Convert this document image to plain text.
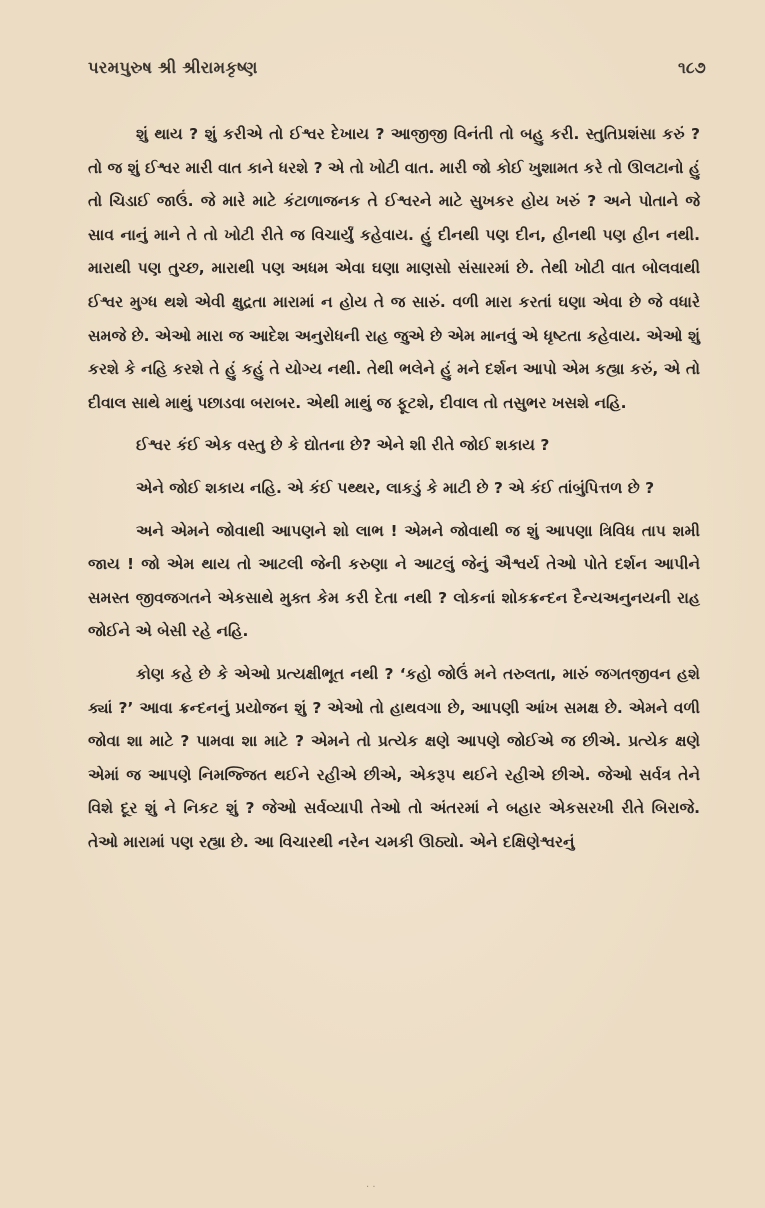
પરમપુરુષ શ્રી શ્રીરામકૃષ્ણ	૧૮૭

શું થાય ? શું કરીએ તો ઈશ્વર દેખાય ? આજીજી વિનંતી તો બહુ કરી. સ્તુતિપ્રશંસા કરું ? તો જ શું ઈશ્વર મારી વાત કાને ધરશે ? એ તો ખોટી વાત. મારી જો કોઈ ખુશામત કરે તો ઊલટાનો હું તો ચિડાઈ જાઉં. જે મારે માટે કંટાળાજનક તે ઈશ્વરને માટે સુખકર હોય ખરું ? અને પોતાને જે સાવ નાનું માને તે તો ખોટી રીતે જ વિચાર્યું કહેવાય. હું દીનથી પણ દીન, હીનથી પણ હીન નથી. મારાથી પણ તુચ્છ, મારાથી પણ અધમ એવા ઘણા માણસો સંસારમાં છે. તેથી ખોટી વાત બોલવાથી ઈશ્વર મુગ્ધ થશે એવી ક્ષુદ્રતા મારામાં ન હોય તે જ સારું. વળી મારા કરતાં ઘણા એવા છે જે વધારે સમજે છે. એઓ મારા જ આદેશ અનુરોધની રાહ જુએ છે એમ માનવું એ ધૃષ્ટતા કહેવાય. એઓ શું કરશે કે નહિ કરશે તે હું કહું તે યોગ્ય નથી. તેથી ભલેને હું મને દર્શન આપો એમ કહ્યા કરું, એ તો દીવાલ સાથે માથું પછાડવા બરાબર. એથી માથું જ ફૂટશે, દીવાલ તો તસુભર ખસશે નહિ.

ઈશ્વર કંઈ એક વસ્તુ છે કે દ્યોતના છે? એને શી રીતે જોઈ શકાય ?

એને જોઈ શકાય નહિ. એ કંઈ પથ્થર, લાકડું કે માટી છે ? એ કંઈ તાંબુંપિત્તળ છે ?

અને એમને જોવાથી આપણને શો લાભ ! એમને જોવાથી જ શું આપણા ત્રિવિધ તાપ શમી જાય ! જો એમ થાય તો આટલી જેની કરુણા ને આટલું જેનું ઐશ્વર્ય તેઓ પોતે દર્શન આપીને સમસ્ત જીવજગતને એકસાથે મુક્ત કેમ કરી દેતા નથી ? લોકનાં શોકક્રન્દન દૈન્યઅનુનયની રાહ જોઈને એ બેસી રહે નહિ.

કોણ કહે છે કે એઓ પ્રત્યક્ષીભૂત નથી ? ‘કહો જોઉં મને તરુલતા, મારું જગતજીવન હશે ક્યાં ?’ આવા ક્રન્દનનું પ્રયોજન શું ? એઓ તો હાથવગા છે, આપણી આંખ સમક્ષ છે. એમને વળી જોવા શા માટે ? પામવા શા માટે ? એમને તો પ્રત્યેક ક્ષણે આપણે જોઈએ જ છીએ. પ્રત્યેક ક્ષણે એમાં જ આપણે નિમજ્જિત થઈને રહીએ છીએ, એકરૂપ થઈને રહીએ છીએ. જેઓ સર્વત્ર તેને વિશે દૂર શું ને નિકટ શું ? જેઓ સર્વવ્યાપી તેઓ તો અંતરમાં ને બહાર એકસરખી રીતે બિરાજે. તેઓ મારામાં પણ રહ્યા છે. આ વિચારથી નરેન ચમકી ઊઠ્યો. એને દક્ષિણેશ્વરનું

· ·
